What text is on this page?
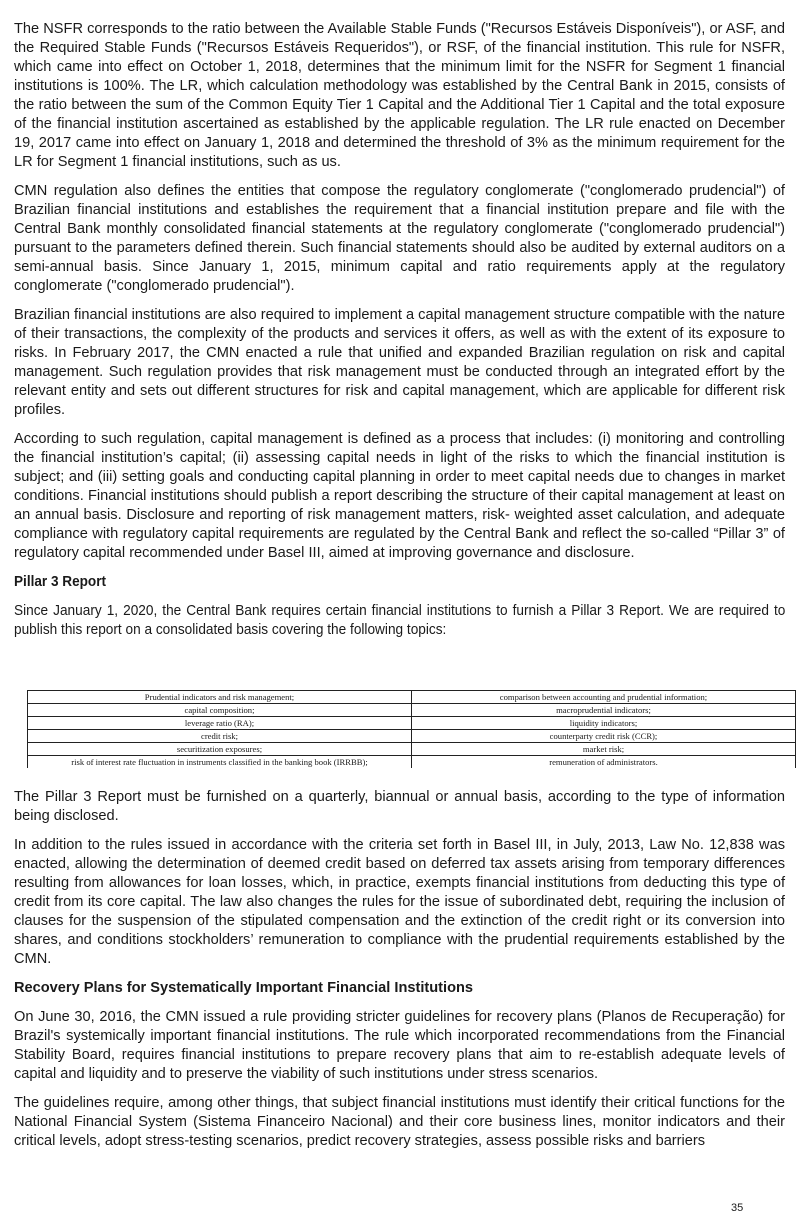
The NSFR corresponds to the ratio between the Available Stable Funds ("Recursos Estáveis Disponíveis"), or ASF, and the Required Stable Funds ("Recursos Estáveis Requeridos"), or RSF, of the financial institution. This rule for NSFR, which came into effect on October 1, 2018, determines that the minimum limit for the NSFR for Segment 1 financial institutions is 100%. The LR, which calculation methodology was established by the Central Bank in 2015, consists of the ratio between the sum of the Common Equity Tier 1 Capital and the Additional Tier 1 Capital and the total exposure of the financial institution ascertained as established by the applicable regulation. The LR rule enacted on December 19, 2017 came into effect on January 1, 2018 and determined the threshold of 3% as the minimum requirement for the LR for Segment 1 financial institutions, such as us.

CMN regulation also defines the entities that compose the regulatory conglomerate ("conglomerado prudencial") of Brazilian financial institutions and establishes the requirement that a financial institution prepare and file with the Central Bank monthly consolidated financial statements at the regulatory conglomerate ("conglomerado prudencial") pursuant to the parameters defined therein. Such financial statements should also be audited by external auditors on a semi-annual basis. Since January 1, 2015, minimum capital and ratio requirements apply at the regulatory conglomerate ("conglomerado prudencial").

Brazilian financial institutions are also required to implement a capital management structure compatible with the nature of their transactions, the complexity of the products and services it offers, as well as with the extent of its exposure to risks. In February 2017, the CMN enacted a rule that unified and expanded Brazilian regulation on risk and capital management. Such regulation provides that risk management must be conducted through an integrated effort by the relevant entity and sets out different structures for risk and capital management, which are applicable for different risk profiles.

According to such regulation, capital management is defined as a process that includes: (i) monitoring and controlling the financial institution’s capital; (ii) assessing capital needs in light of the risks to which the financial institution is subject; and (iii) setting goals and conducting capital planning in order to meet capital needs due to changes in market conditions. Financial institutions should publish a report describing the structure of their capital management at least on an annual basis. Disclosure and reporting of risk management matters, risk- weighted asset calculation, and adequate compliance with regulatory capital requirements are regulated by the Central Bank and reflect the so-called “Pillar 3” of regulatory capital recommended under Basel III, aimed at improving governance and disclosure.

Pillar 3 Report

Since January 1, 2020, the Central Bank requires certain financial institutions to furnish a Pillar 3 Report. We are required to publish this report on a consolidated basis covering the following topics:

Prudential indicators and risk management;	comparison between accounting and prudential information;
capital composition;	macroprudential indicators;
leverage ratio (RA);	liquidity indicators;
credit risk;	counterparty credit risk (CCR);
securitization exposures;	market risk;
risk of interest rate fluctuation in instruments classified in the banking book (IRRBB);	remuneration of administrators.

The Pillar 3 Report must be furnished on a quarterly, biannual or annual basis, according to the type of information being disclosed.

In addition to the rules issued in accordance with the criteria set forth in Basel III, in July, 2013, Law No. 12,838 was enacted, allowing the determination of deemed credit based on deferred tax assets arising from temporary differences resulting from allowances for loan losses, which, in practice, exempts financial institutions from deducting this type of credit from its core capital. The law also changes the rules for the issue of subordinated debt, requiring the inclusion of clauses for the suspension of the stipulated compensation and the extinction of the credit right or its conversion into shares, and conditions stockholders’ remuneration to compliance with the prudential requirements established by the CMN.

Recovery Plans for Systematically Important Financial Institutions

On June 30, 2016, the CMN issued a rule providing stricter guidelines for recovery plans (Planos de Recuperação) for Brazil's systemically important financial institutions. The rule which incorporated recommendations from the Financial Stability Board, requires financial institutions to prepare recovery plans that aim to re-establish adequate levels of capital and liquidity and to preserve the viability of such institutions under stress scenarios.

The guidelines require, among other things, that subject financial institutions must identify their critical functions for the National Financial System (Sistema Financeiro Nacional) and their core business lines, monitor indicators and their critical levels, adopt stress-testing scenarios, predict recovery strategies, assess possible risks and barriers

35
